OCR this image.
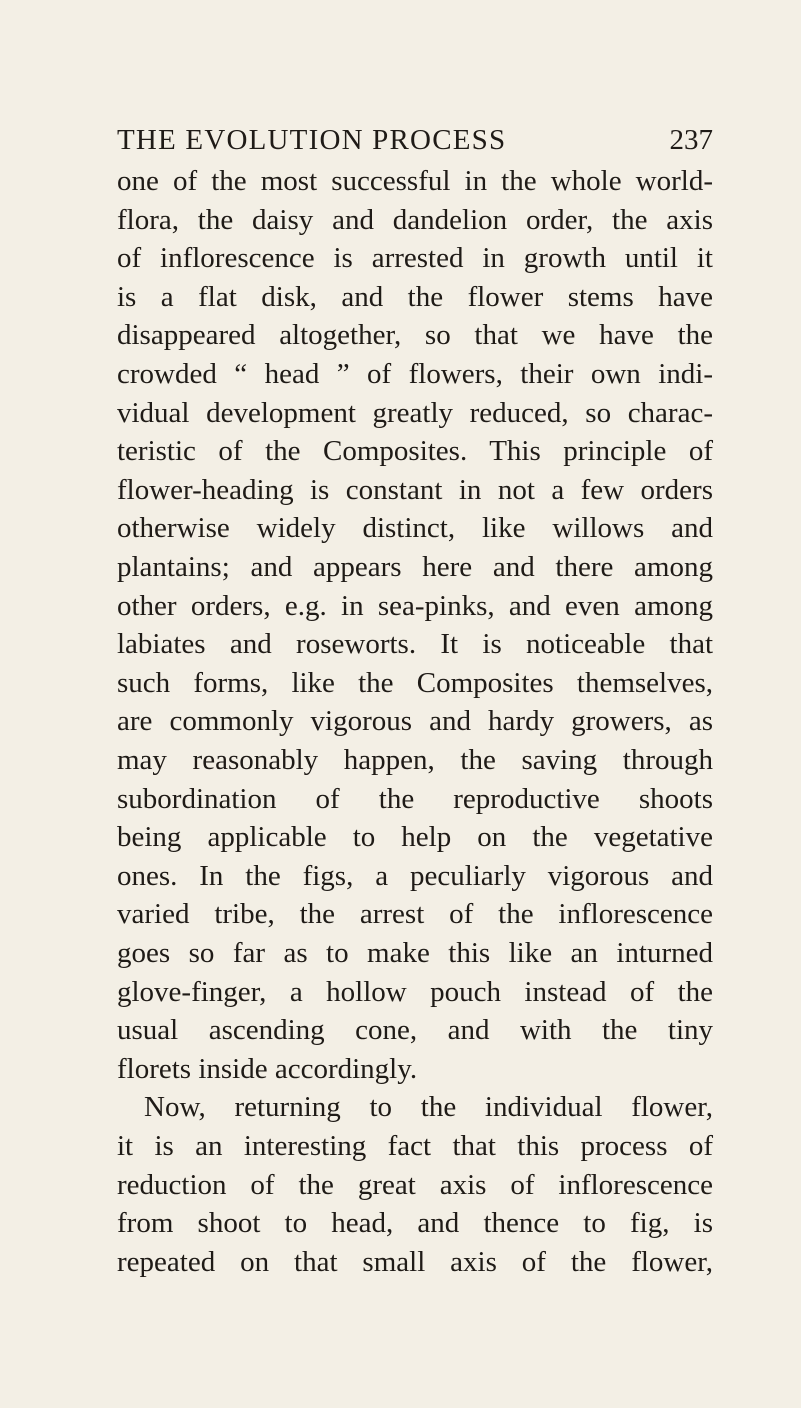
THE EVOLUTION PROCESS	237
one of the most successful in the whole world-
flora, the daisy and dandelion order, the axis
of inflorescence is arrested in growth until it
is a flat disk, and the flower stems have
disappeared altogether, so that we have the
crowded “ head ” of flowers, their own indi-
vidual development greatly reduced, so charac-
teristic of the Composites. This principle of
flower-heading is constant in not a few orders
otherwise widely distinct, like willows and
plantains; and appears here and there among
other orders, e.g. in sea-pinks, and even among
labiates and roseworts. It is noticeable that
such forms, like the Composites themselves,
are commonly vigorous and hardy growers, as
may reasonably happen, the saving through
subordination of the reproductive shoots
being applicable to help on the vegetative
ones. In the figs, a peculiarly vigorous and
varied tribe, the arrest of the inflorescence
goes so far as to make this like an inturned
glove-finger, a hollow pouch instead of the
usual ascending cone, and with the tiny
florets inside accordingly.
Now, returning to the individual flower,
it is an interesting fact that this process of
reduction of the great axis of inflorescence
from shoot to head, and thence to fig, is
repeated on that small axis of the flower,
